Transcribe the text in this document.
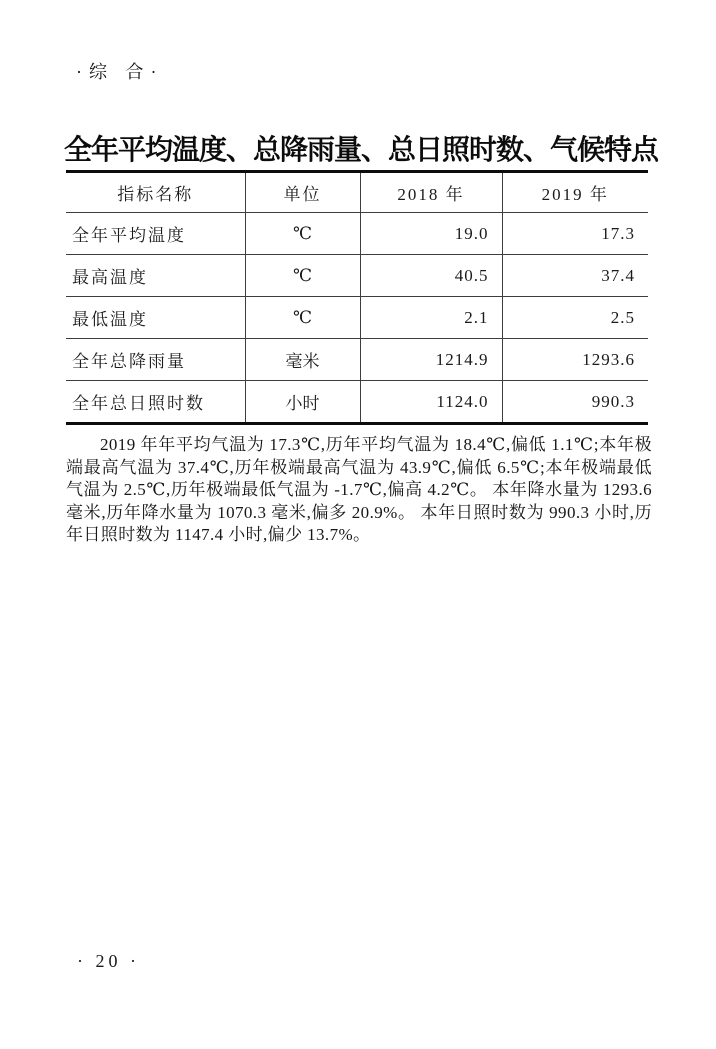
·综 合·
全年平均温度、总降雨量、总日照时数、气候特点
指标名称	单位	2018 年	2019 年
全年平均温度	℃	19.0	17.3
最高温度	℃	40.5	37.4
最低温度	℃	2.1	2.5
全年总降雨量	毫米	1214.9	1293.6
全年总日照时数	小时	1124.0	990.3

2019 年年平均气温为 17.3℃,历年平均气温为 18.4℃,偏低 1.1℃;本年极端最高气温为 37.4℃,历年极端最高气温为 43.9℃,偏低 6.5℃;本年极端最低气温为 2.5℃,历年极端最低气温为 -1.7℃,偏高 4.2℃。 本年降水量为 1293.6 毫米,历年降水量为 1070.3 毫米,偏多 20.9%。 本年日照时数为 990.3 小时,历年日照时数为 1147.4 小时,偏少 13.7%。

· 20 ·
